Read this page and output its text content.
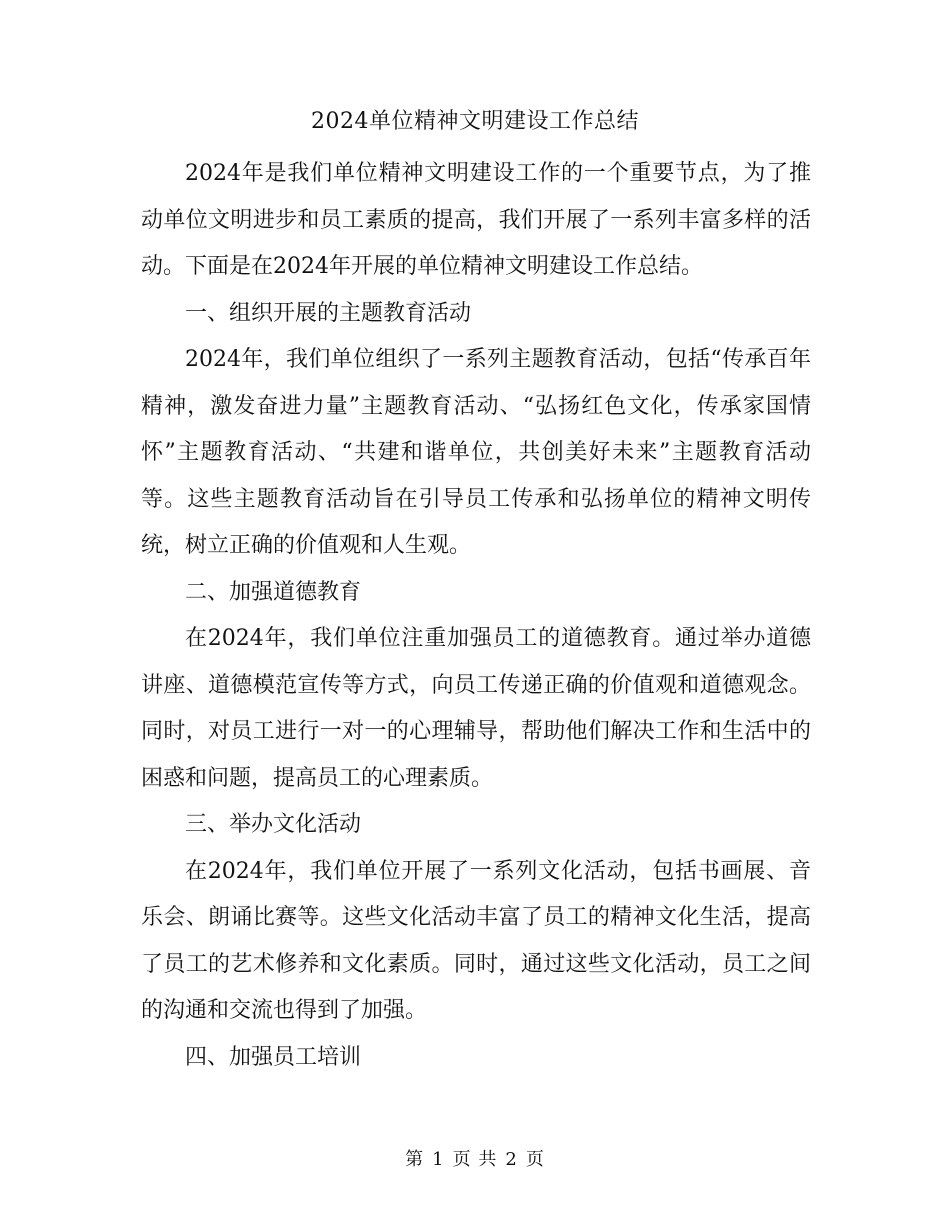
2024单位精神文明建设工作总结

2024年是我们单位精神文明建设工作的一个重要节点，为了推动单位文明进步和员工素质的提高，我们开展了一系列丰富多样的活动。下面是在2024年开展的单位精神文明建设工作总结。

一、组织开展的主题教育活动

2024年，我们单位组织了一系列主题教育活动，包括“传承百年精神，激发奋进力量”主题教育活动、“弘扬红色文化，传承家国情怀”主题教育活动、“共建和谐单位，共创美好未来”主题教育活动等。这些主题教育活动旨在引导员工传承和弘扬单位的精神文明传统，树立正确的价值观和人生观。

二、加强道德教育

在2024年，我们单位注重加强员工的道德教育。通过举办道德讲座、道德模范宣传等方式，向员工传递正确的价值观和道德观念。同时，对员工进行一对一的心理辅导，帮助他们解决工作和生活中的困惑和问题，提高员工的心理素质。

三、举办文化活动

在2024年，我们单位开展了一系列文化活动，包括书画展、音乐会、朗诵比赛等。这些文化活动丰富了员工的精神文化生活，提高了员工的艺术修养和文化素质。同时，通过这些文化活动，员工之间的沟通和交流也得到了加强。

四、加强员工培训

第 1 页 共 2 页
